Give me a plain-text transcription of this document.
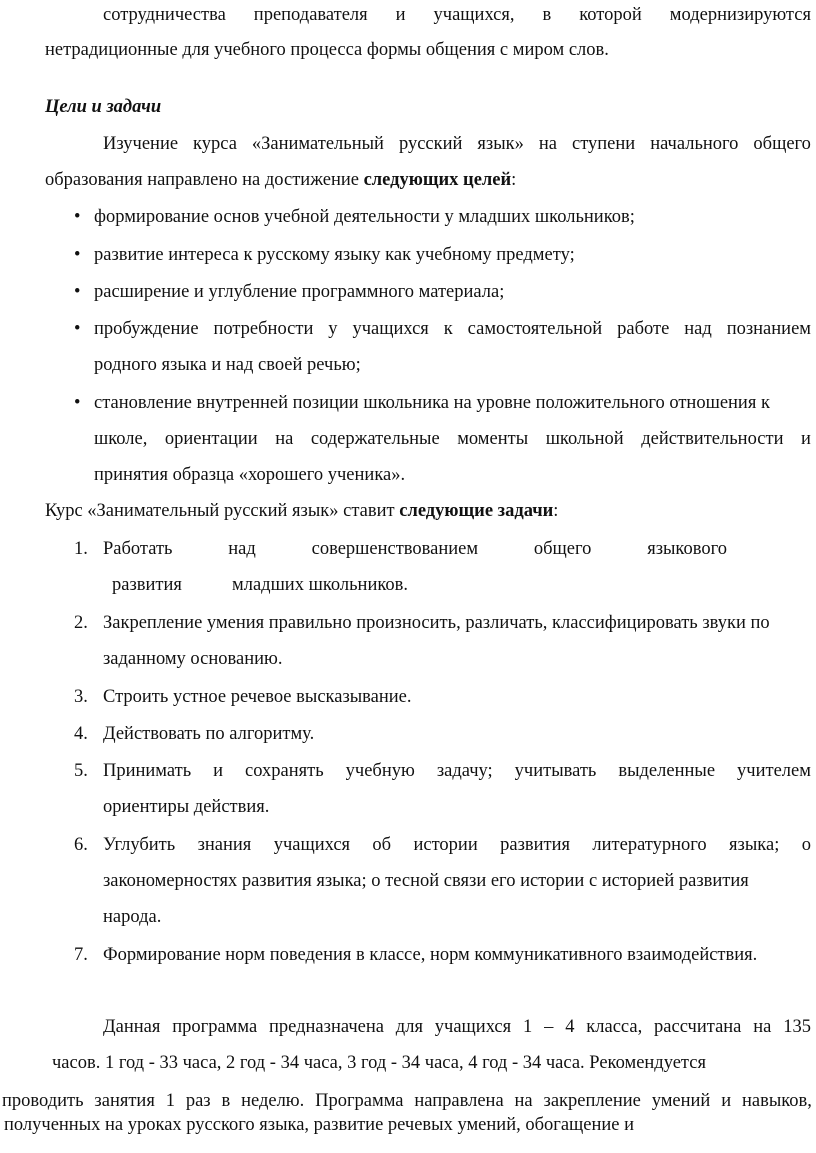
сотрудничества преподавателя и учащихся, в которой модернизируются
нетрадиционные для учебного процесса формы общения с миром слов.
Цели и задачи
Изучение курса «Занимательный русский язык» на ступени начального общего
образования направлено на достижение следующих целей:
• формирование основ учебной деятельности у младших школьников;
• развитие интереса к русскому языку как учебному предмету;
• расширение и углубление программного материала;
• пробуждение потребности у учащихся к самостоятельной работе над познанием
родного языка и над своей речью;
• становление внутренней позиции школьника на уровне положительного отношения к
школе, ориентации на содержательные моменты школьной действительности и
принятия образца «хорошего ученика».
Курс «Занимательный русский язык» ставит следующие задачи:
1. Работать	над	совершенствованием	общего	языкового
развития	младших школьников.
2. Закрепление умения правильно произносить, различать, классифицировать звуки по
заданному основанию.
3. Строить устное речевое высказывание.
4. Действовать по алгоритму.
5. Принимать и сохранять учебную задачу; учитывать выделенные учителем
ориентиры действия.
6. Углубить знания учащихся об истории развития литературного языка; о
закономерностях развития языка; о тесной связи его истории с историей развития
народа.
7. Формирование норм поведения в классе, норм коммуникативного взаимодействия.
Данная программа предназначена для учащихся 1 – 4 класса, рассчитана на 135
часов. 1 год - 33 часа, 2 год - 34 часа, 3 год - 34 часа, 4 год - 34 часа. Рекомендуется
проводить занятия 1 раз в неделю. Программа направлена на закрепление умений и навыков,
полученных на уроках русского языка, развитие речевых умений, обогащение и
